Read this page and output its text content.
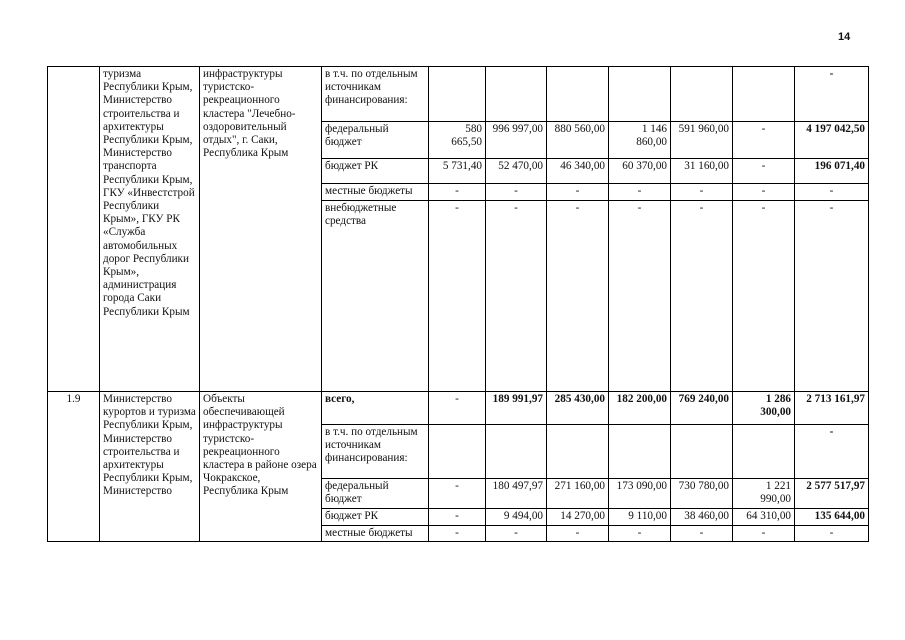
14
	туризма Республики Крым, Министерство строительства и архитектуры Республики Крым, Министерство транспорта Республики Крым, ГКУ «Инвестстрой Республики Крым», ГКУ РК «Служба автомобильных дорог Республики Крым», администрация города Саки Республики Крым	инфраструктуры туристско-рекреационного кластера "Лечебно-оздоровительный отдых", г. Саки, Республика Крым	в т.ч. по отдельным источникам финансирования:							-
			федеральный бюджет	580 665,50	996 997,00	880 560,00	1 146 860,00	591 960,00	-	4 197 042,50
			бюджет РК	5 731,40	52 470,00	46 340,00	60 370,00	31 160,00	-	196 071,40
			местные бюджеты	-	-	-	-	-	-	-
			внебюджетные средства	-	-	-	-	-	-	-
1.9	Министерство курортов и туризма Республики Крым, Министерство строительства и архитектуры Республики Крым, Министерство	Объекты обеспечивающей инфраструктуры туристско-рекреационного кластера в районе озера Чокракское, Республика Крым	всего,	-	189 991,97	285 430,00	182 200,00	769 240,00	1 286 300,00	2 713 161,97
			в т.ч. по отдельным источникам финансирования:							-
			федеральный бюджет	-	180 497,97	271 160,00	173 090,00	730 780,00	1 221 990,00	2 577 517,97
			бюджет РК	-	9 494,00	14 270,00	9 110,00	38 460,00	64 310,00	135 644,00
			местные бюджеты	-	-	-	-	-	-	-
